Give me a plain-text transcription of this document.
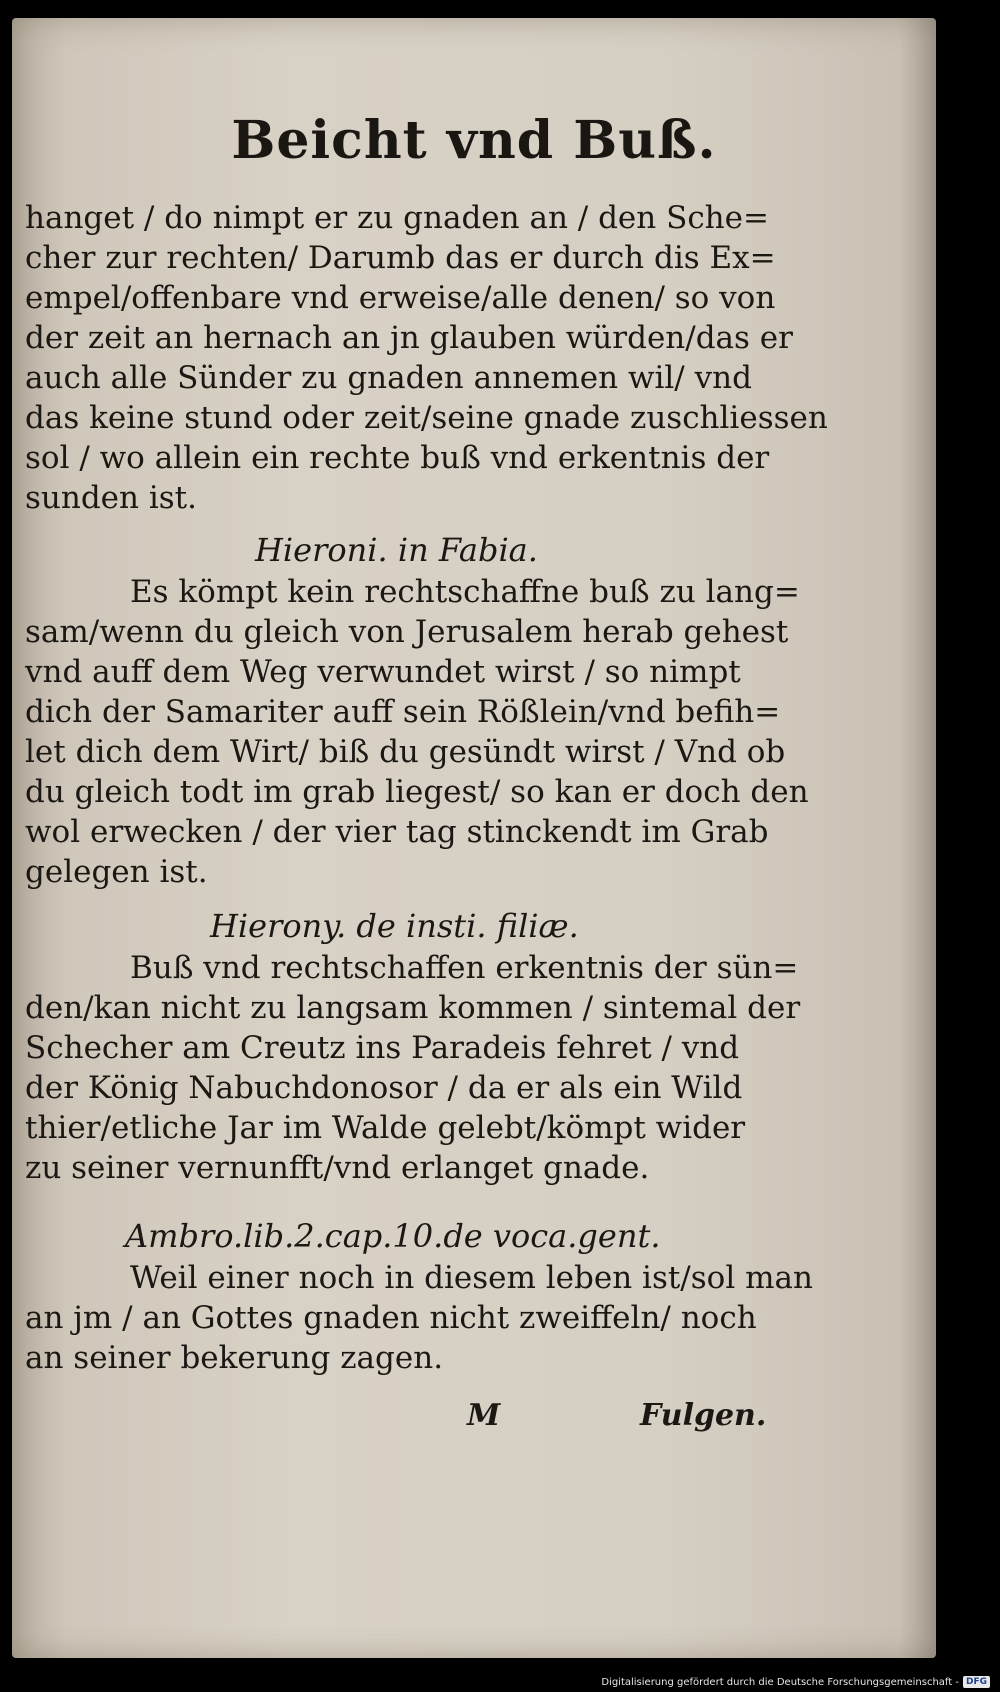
Beicht vnd Buß.
hanget / do nimpt er zu gnaden an / den Sche=
cher zur rechten/ Darumb das er durch dis Ex=
empel/offenbare vnd erweise/alle denen/ so von
der zeit an hernach an jn glauben würden/das er
auch alle Sünder zu gnaden annemen wil/ vnd
das keine stund oder zeit/seine gnade zuschliessen
sol / wo allein ein rechte buß vnd erkentnis der
sunden ist.
Hieroni. in Fabia.
Es kömpt kein rechtschaffne buß zu lang=
sam/wenn du gleich von Jerusalem herab gehest
vnd auff dem Weg verwundet wirst / so nimpt
dich der Samariter auff sein Rößlein/vnd befih=
let dich dem Wirt/ biß du gesündt wirst / Vnd ob
du gleich todt im grab liegest/ so kan er doch den
wol erwecken / der vier tag stinckendt im Grab
gelegen ist.
Hierony. de insti. filiæ.
Buß vnd rechtschaffen erkentnis der sün=
den/kan nicht zu langsam kommen / sintemal der
Schecher am Creutz ins Paradeis fehret / vnd
der König Nabuchdonosor / da er als ein Wild
thier/etliche Jar im Walde gelebt/kömpt wider
zu seiner vernunfft/vnd erlanget gnade.
Ambro.lib.2.cap.10.de voca.gent.
Weil einer noch in diesem leben ist/sol man
an jm / an Gottes gnaden nicht zweiffeln/ noch
an seiner bekerung zagen.
M	Fulgen.
Digitalisierung gefördert durch die Deutsche Forschungsgemeinschaft - DFG
